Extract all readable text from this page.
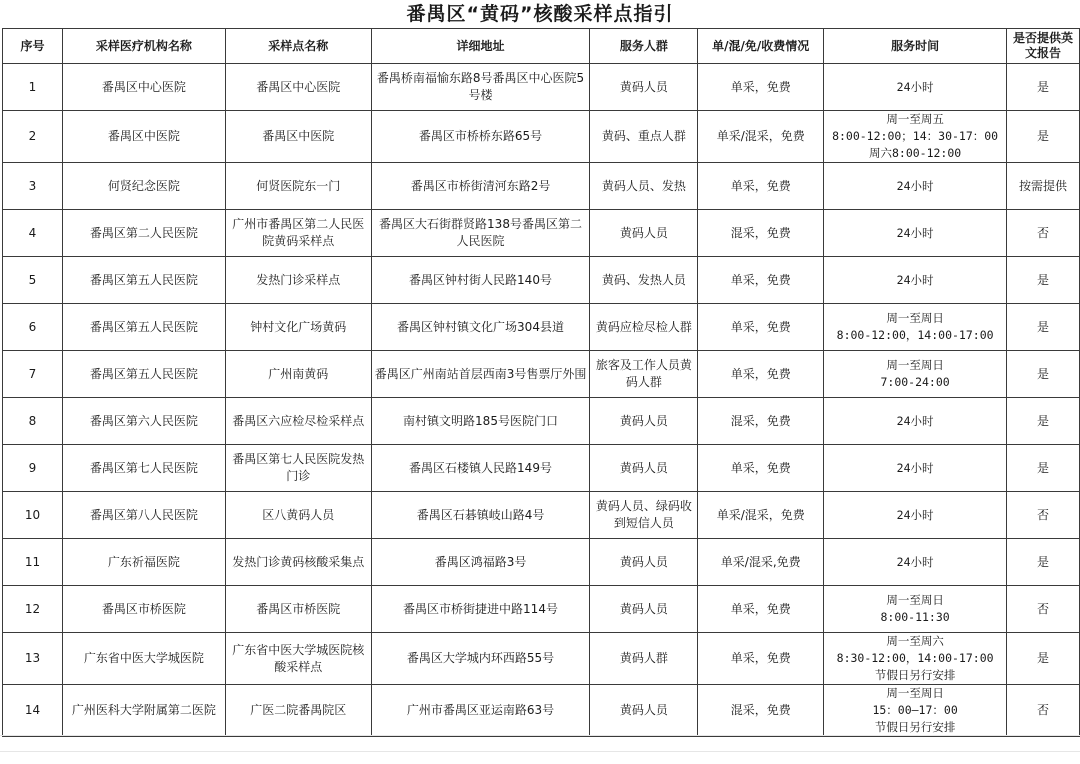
番禺区“黄码”核酸采样点指引
序号	采样医疗机构名称	采样点名称	详细地址	服务人群	单/混/免/收费情况	服务时间	是否提供英文报告
1	番禺区中心医院	番禺区中心医院	番禺桥南福愉东路8号番禺区中心医院5号楼	黄码人员	单采，免费	24小时	是
2	番禺区中医院	番禺区中医院	番禺区市桥桥东路65号	黄码、重点人群	单采/混采，免费	周一至周五
8:00-12:00；14：30-17：00
周六8:00-12:00	是
3	何贤纪念医院	何贤医院东一门	番禺区市桥街清河东路2号	黄码人员、发热	单采，免费	24小时	按需提供
4	番禺区第二人民医院	广州市番禺区第二人民医院黄码采样点	番禺区大石街群贤路138号番禺区第二人民医院	黄码人员	混采，免费	24小时	否
5	番禺区第五人民医院	发热门诊采样点	番禺区钟村街人民路140号	黄码、发热人员	单采，免费	24小时	是
6	番禺区第五人民医院	钟村文化广场黄码	番禺区钟村镇文化广场304县道	黄码应检尽检人群	单采，免费	周一至周日
8:00-12:00，14:00-17:00	是
7	番禺区第五人民医院	广州南黄码	番禺区广州南站首层西南3号售票厅外围	旅客及工作人员黄码人群	单采，免费	周一至周日
7:00-24:00	是
8	番禺区第六人民医院	番禺区六应检尽检采样点	南村镇文明路185号医院门口	黄码人员	混采，免费	24小时	是
9	番禺区第七人民医院	番禺区第七人民医院发热门诊	番禺区石楼镇人民路149号	黄码人员	单采，免费	24小时	是
10	番禺区第八人民医院	区八黄码人员	番禺区石碁镇岐山路4号	黄码人员、绿码收到短信人员	单采/混采，免费	24小时	否
11	广东祈福医院	发热门诊黄码核酸采集点	番禺区鸿福路3号	黄码人员	单采/混采,免费	24小时	是
12	番禺区市桥医院	番禺区市桥医院	番禺区市桥街捷进中路114号	黄码人员	单采，免费	周一至周日
8:00-11:30	否
13	广东省中医大学城医院	广东省中医大学城医院核酸采样点	番禺区大学城内环西路55号	黄码人群	单采，免费	周一至周六
8:30-12:00，14:00-17:00
节假日另行安排	是
14	广州医科大学附属第二医院	广医二院番禺院区	广州市番禺区亚运南路63号	黄码人员	混采，免费	周一至周日
15：00—17：00
节假日另行安排	否
